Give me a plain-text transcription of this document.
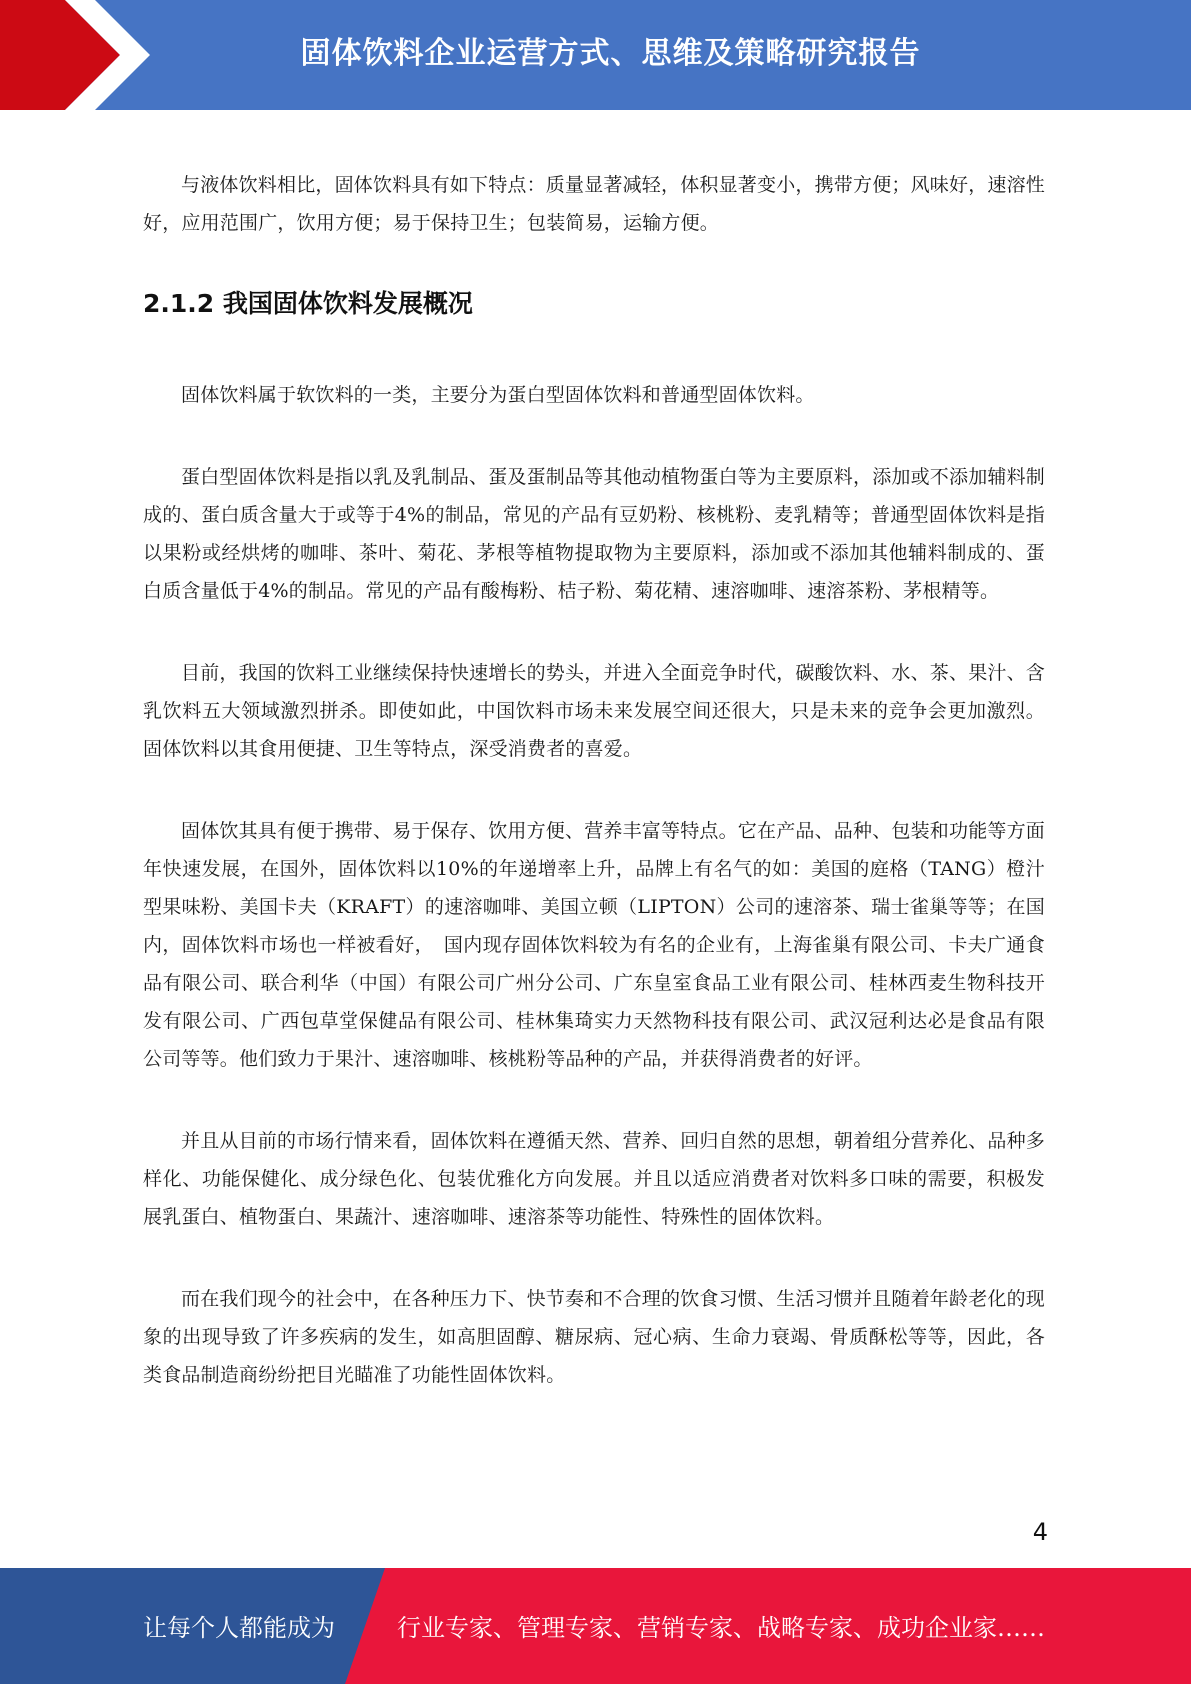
固体饮料企业运营方式、思维及策略研究报告

与液体饮料相比，固体饮料具有如下特点：质量显著减轻，体积显著变小，携带方便；风味好，速溶性好，应用范围广，饮用方便；易于保持卫生；包装简易，运输方便。

2.1.2 我国固体饮料发展概况

固体饮料属于软饮料的一类，主要分为蛋白型固体饮料和普通型固体饮料。

蛋白型固体饮料是指以乳及乳制品、蛋及蛋制品等其他动植物蛋白等为主要原料，添加或不添加辅料制成的、蛋白质含量大于或等于4%的制品，常见的产品有豆奶粉、核桃粉、麦乳精等；普通型固体饮料是指以果粉或经烘烤的咖啡、茶叶、菊花、茅根等植物提取物为主要原料，添加或不添加其他辅料制成的、蛋白质含量低于4%的制品。常见的产品有酸梅粉、桔子粉、菊花精、速溶咖啡、速溶茶粉、茅根精等。

目前，我国的饮料工业继续保持快速增长的势头，并进入全面竞争时代，碳酸饮料、水、茶、果汁、含乳饮料五大领域激烈拼杀。即使如此，中国饮料市场未来发展空间还很大，只是未来的竞争会更加激烈。固体饮料以其食用便捷、卫生等特点，深受消费者的喜爱。

固体饮其具有便于携带、易于保存、饮用方便、营养丰富等特点。它在产品、品种、包装和功能等方面年快速发展，在国外，固体饮料以10%的年递增率上升，品牌上有名气的如：美国的庭格（TANG）橙汁型果味粉、美国卡夫（KRAFT）的速溶咖啡、美国立顿（LIPTON）公司的速溶茶、瑞士雀巢等等；在国内，固体饮料市场也一样被看好，　国内现存固体饮料较为有名的企业有，上海雀巢有限公司、卡夫广通食品有限公司、联合利华（中国）有限公司广州分公司、广东皇室食品工业有限公司、桂林西麦生物科技开发有限公司、广西包草堂保健品有限公司、桂林集琦实力天然物科技有限公司、武汉冠利达必是食品有限公司等等。他们致力于果汁、速溶咖啡、核桃粉等品种的产品，并获得消费者的好评。

并且从目前的市场行情来看，固体饮料在遵循天然、营养、回归自然的思想，朝着组分营养化、品种多样化、功能保健化、成分绿色化、包装优雅化方向发展。并且以适应消费者对饮料多口味的需要，积极发展乳蛋白、植物蛋白、果蔬汁、速溶咖啡、速溶茶等功能性、特殊性的固体饮料。

而在我们现今的社会中，在各种压力下、快节奏和不合理的饮食习惯、生活习惯并且随着年龄老化的现象的出现导致了许多疾病的发生，如高胆固醇、糖尿病、冠心病、生命力衰竭、骨质酥松等等，因此，各类食品制造商纷纷把目光瞄准了功能性固体饮料。

4
让每个人都能成为	行业专家、管理专家、营销专家、战略专家、成功企业家……
